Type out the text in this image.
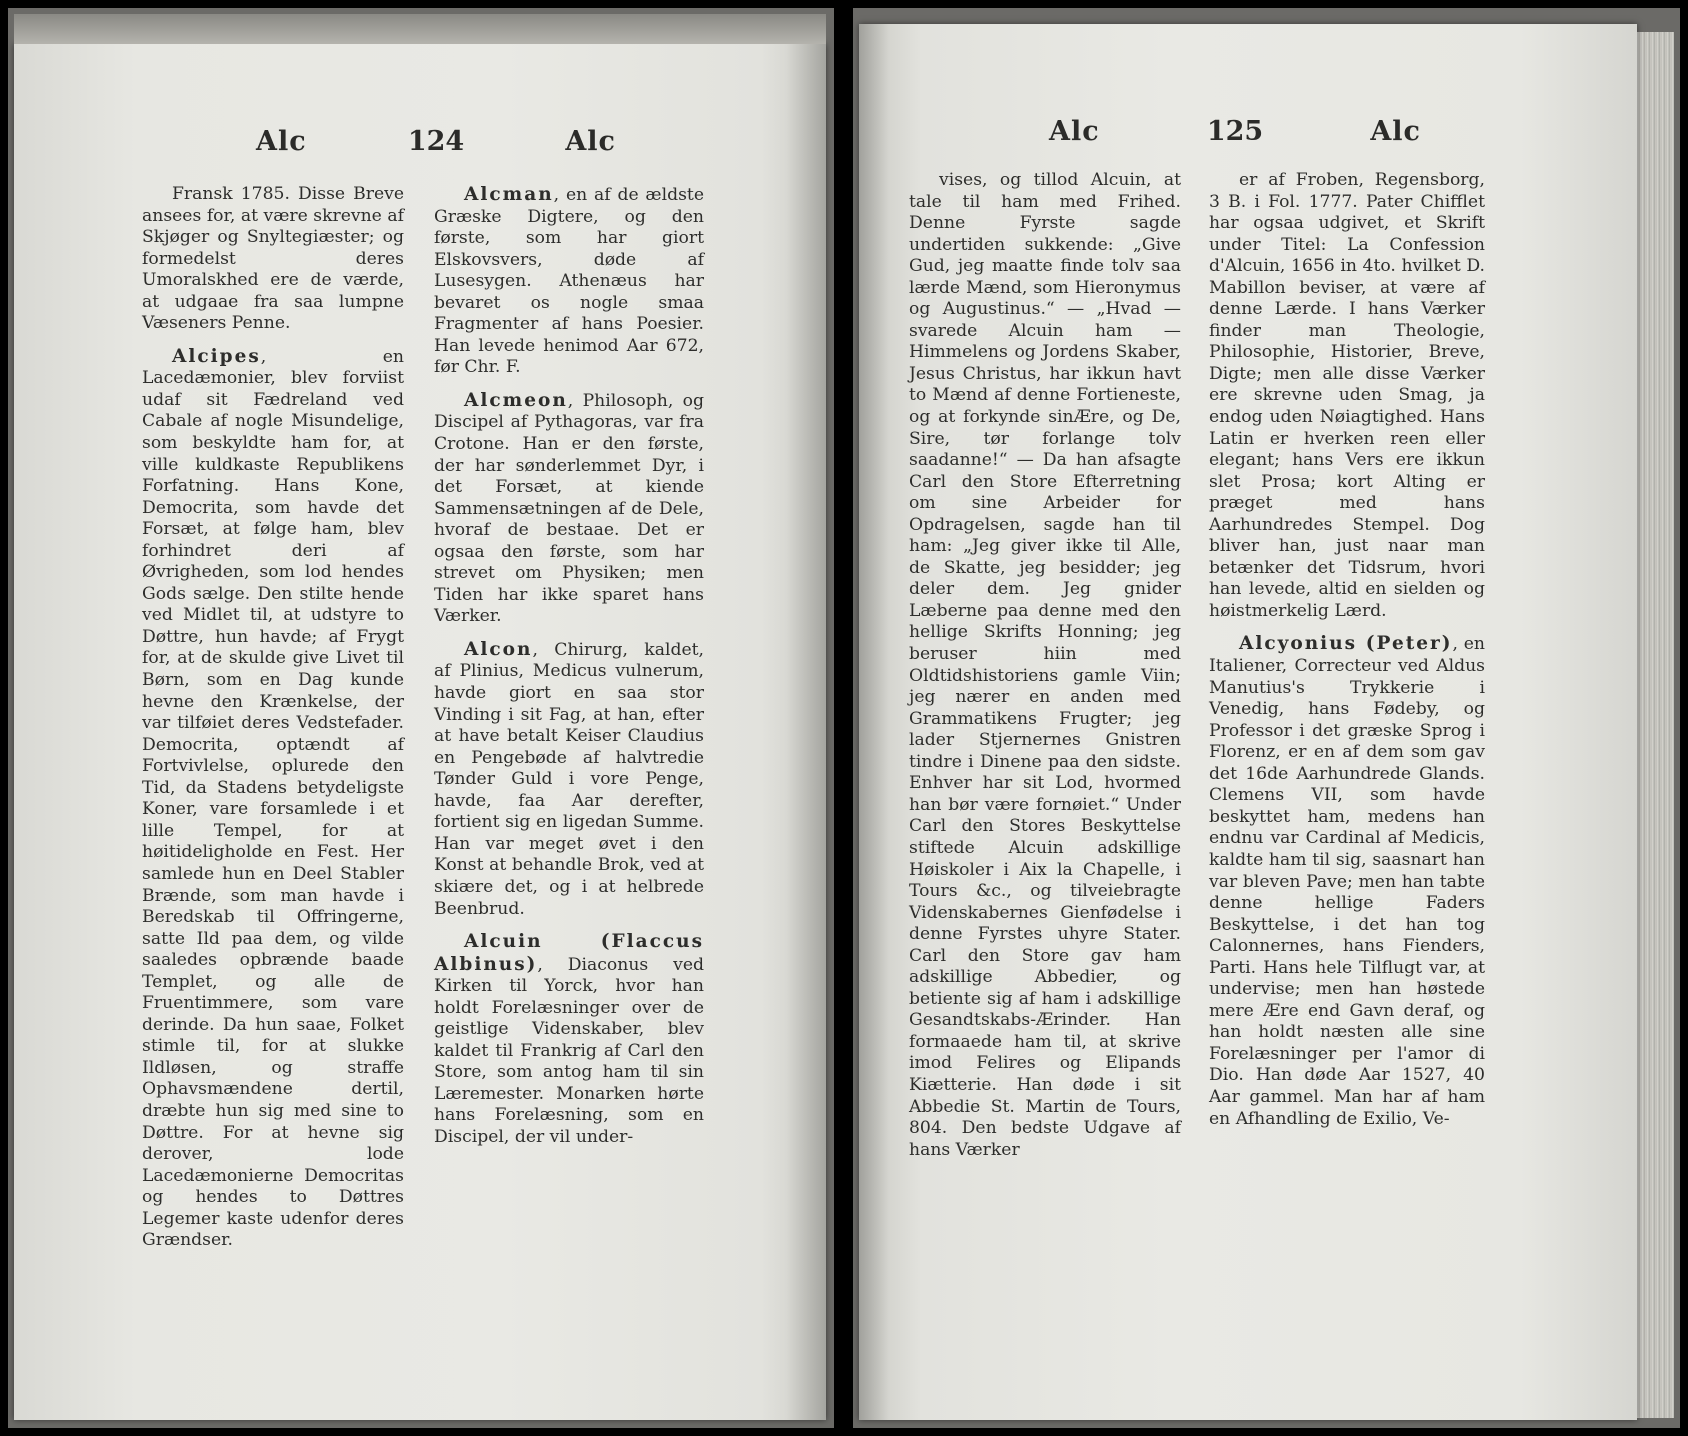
Alc	124	Alc

Fransk 1785. Disse Breve ansees for, at være skrevne af Skjøger og Snyltegiæster; og formedelst deres Umoralskhed ere de værde, at udgaae fra saa lumpne Væseners Penne.

Alcipes, en Lacedæmonier, blev forviist udaf sit Fædreland ved Cabale af nogle Misundelige, som beskyldte ham for, at ville kuldkaste Republikens Forfatning. Hans Kone, Democrita, som havde det Forsæt, at følge ham, blev forhindret deri af Øvrigheden, som lod hendes Gods sælge. Den stilte hende ved Midlet til, at udstyre to Døttre, hun havde; af Frygt for, at de skulde give Livet til Børn, som en Dag kunde hevne den Krænkelse, der var tilføiet deres Vedstefader. Democrita, optændt af Fortvivlelse, oplurede den Tid, da Stadens betydeligste Koner, vare forsamlede i et lille Tempel, for at høitideligholde en Fest. Her samlede hun en Deel Stabler Brænde, som man havde i Beredskab til Offringerne, satte Ild paa dem, og vilde saaledes opbrænde baade Templet, og alle de Fruentimmere, som vare derinde. Da hun saae, Folket stimle til, for at slukke Ildløsen, og straffe Ophavsmændene dertil, dræbte hun sig med sine to Døttre. For at hevne sig derover, lode Lacedæmonierne Democritas og hendes to Døttres Legemer kaste udenfor deres Grændser.

Alcman, en af de ældste Græske Digtere, og den første, som har giort Elskovsvers, døde af Lusesygen. Athenæus har bevaret os nogle smaa Fragmenter af hans Poesier. Han levede henimod Aar 672, før Chr. F.

Alcmeon, Philosoph, og Discipel af Pythagoras, var fra Crotone. Han er den første, der har sønderlemmet Dyr, i det Forsæt, at kiende Sammensætningen af de Dele, hvoraf de bestaae. Det er ogsaa den første, som har strevet om Physiken; men Tiden har ikke sparet hans Værker.

Alcon, Chirurg, kaldet, af Plinius, Medicus vulnerum, havde giort en saa stor Vinding i sit Fag, at han, efter at have betalt Keiser Claudius en Pengebøde af halvtredie Tønder Guld i vore Penge, havde, faa Aar derefter, fortient sig en ligedan Summe. Han var meget øvet i den Konst at behandle Brok, ved at skiære det, og i at helbrede Beenbrud.

Alcuin (Flaccus Albinus), Diaconus ved Kirken til Yorck, hvor han holdt Forelæsninger over de geistlige Videnskaber, blev kaldet til Frankrig af Carl den Store, som antog ham til sin Læremester. Monarken hørte hans Forelæsning, som en Discipel, der vil under-

Alc	125	Alc

vises, og tillod Alcuin, at tale til ham med Frihed. Denne Fyrste sagde undertiden sukkende: „Give Gud, jeg maatte finde tolv saa lærde Mænd, som Hieronymus og Augustinus.“ — „Hvad — svarede Alcuin ham — Himmelens og Jordens Skaber, Jesus Christus, har ikkun havt to Mænd af denne Fortieneste, og at forkynde sinÆre, og De, Sire, tør forlange tolv saadanne!“ — Da han afsagte Carl den Store Efterretning om sine Arbeider for Opdragelsen, sagde han til ham: „Jeg giver ikke til Alle, de Skatte, jeg besidder; jeg deler dem. Jeg gnider Læberne paa denne med den hellige Skrifts Honning; jeg beruser hiin med Oldtidshistoriens gamle Viin; jeg nærer en anden med Grammatikens Frugter; jeg lader Stjernernes Gnistren tindre i Dinene paa den sidste. Enhver har sit Lod, hvormed han bør være fornøiet.“ Under Carl den Stores Beskyttelse stiftede Alcuin adskillige Høiskoler i Aix la Chapelle, i Tours &c., og tilveiebragte Videnskabernes Gienfødelse i denne Fyrstes uhyre Stater. Carl den Store gav ham adskillige Abbedier, og betiente sig af ham i adskillige Gesandtskabs-Ærinder. Han formaaede ham til, at skrive imod Felires og Elipands Kiætterie. Han døde i sit Abbedie St. Martin de Tours, 804. Den bedste Udgave af hans Værker

er af Froben, Regensborg, 3 B. i Fol. 1777. Pater Chifflet har ogsaa udgivet, et Skrift under Titel: La Confession d'Alcuin, 1656 in 4to. hvilket D. Mabillon beviser, at være af denne Lærde. I hans Værker finder man Theologie, Philosophie, Historier, Breve, Digte; men alle disse Værker ere skrevne uden Smag, ja endog uden Nøiagtighed. Hans Latin er hverken reen eller elegant; hans Vers ere ikkun slet Prosa; kort Alting er præget med hans Aarhundredes Stempel. Dog bliver han, just naar man betænker det Tidsrum, hvori han levede, altid en sielden og høistmerkelig Lærd.

Alcyonius (Peter), en Italiener, Correcteur ved Aldus Manutius's Trykkerie i Venedig, hans Fødeby, og Professor i det græske Sprog i Florenz, er en af dem som gav det 16de Aarhundrede Glands. Clemens VII, som havde beskyttet ham, medens han endnu var Cardinal af Medicis, kaldte ham til sig, saasnart han var bleven Pave; men han tabte denne hellige Faders Beskyttelse, i det han tog Calonnernes, hans Fienders, Parti. Hans hele Tilflugt var, at undervise; men han høstede mere Ære end Gavn deraf, og han holdt næsten alle sine Forelæsninger per l'amor di Dio. Han døde Aar 1527, 40 Aar gammel. Man har af ham en Afhandling de Exilio, Ve-
